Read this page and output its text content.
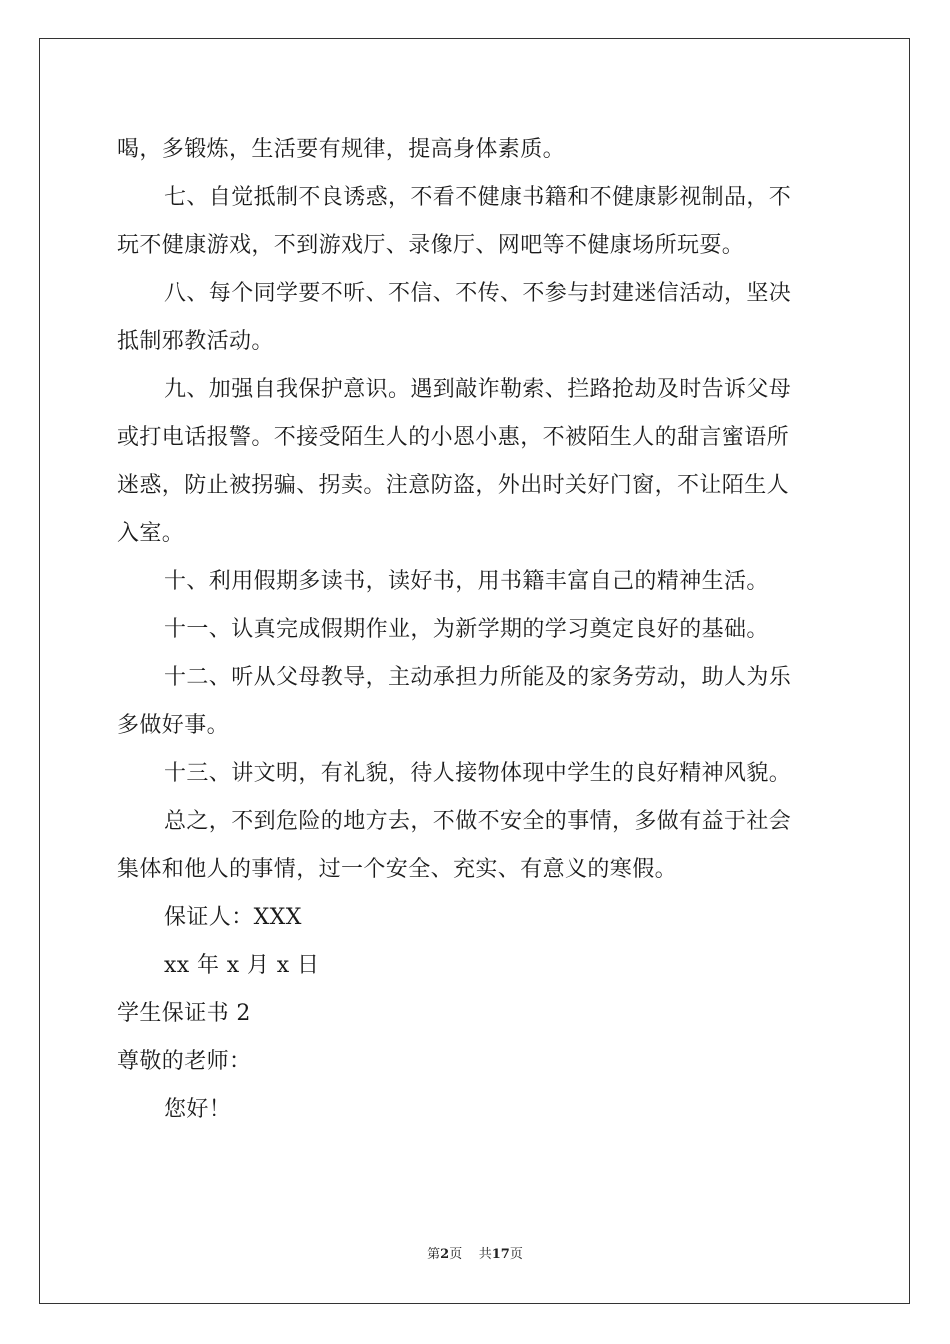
喝，多锻炼，生活要有规律，提高身体素质。
七、自觉抵制不良诱惑，不看不健康书籍和不健康影视制品，不
玩不健康游戏，不到游戏厅、录像厅、网吧等不健康场所玩耍。
八、每个同学要不听、不信、不传、不参与封建迷信活动，坚决
抵制邪教活动。
九、加强自我保护意识。遇到敲诈勒索、拦路抢劫及时告诉父母
或打电话报警。不接受陌生人的小恩小惠，不被陌生人的甜言蜜语所
迷惑，防止被拐骗、拐卖。注意防盗，外出时关好门窗，不让陌生人
入室。
十、利用假期多读书，读好书，用书籍丰富自己的精神生活。
十一、认真完成假期作业，为新学期的学习奠定良好的基础。
十二、听从父母教导，主动承担力所能及的家务劳动，助人为乐
多做好事。
十三、讲文明，有礼貌，待人接物体现中学生的良好精神风貌。
总之，不到危险的地方去，不做不安全的事情，多做有益于社会
集体和他人的事情，过一个安全、充实、有意义的寒假。
保证人：XXX
xx 年 x 月 x 日
学生保证书 2
尊敬的老师：
您好！
第2页 共17页
